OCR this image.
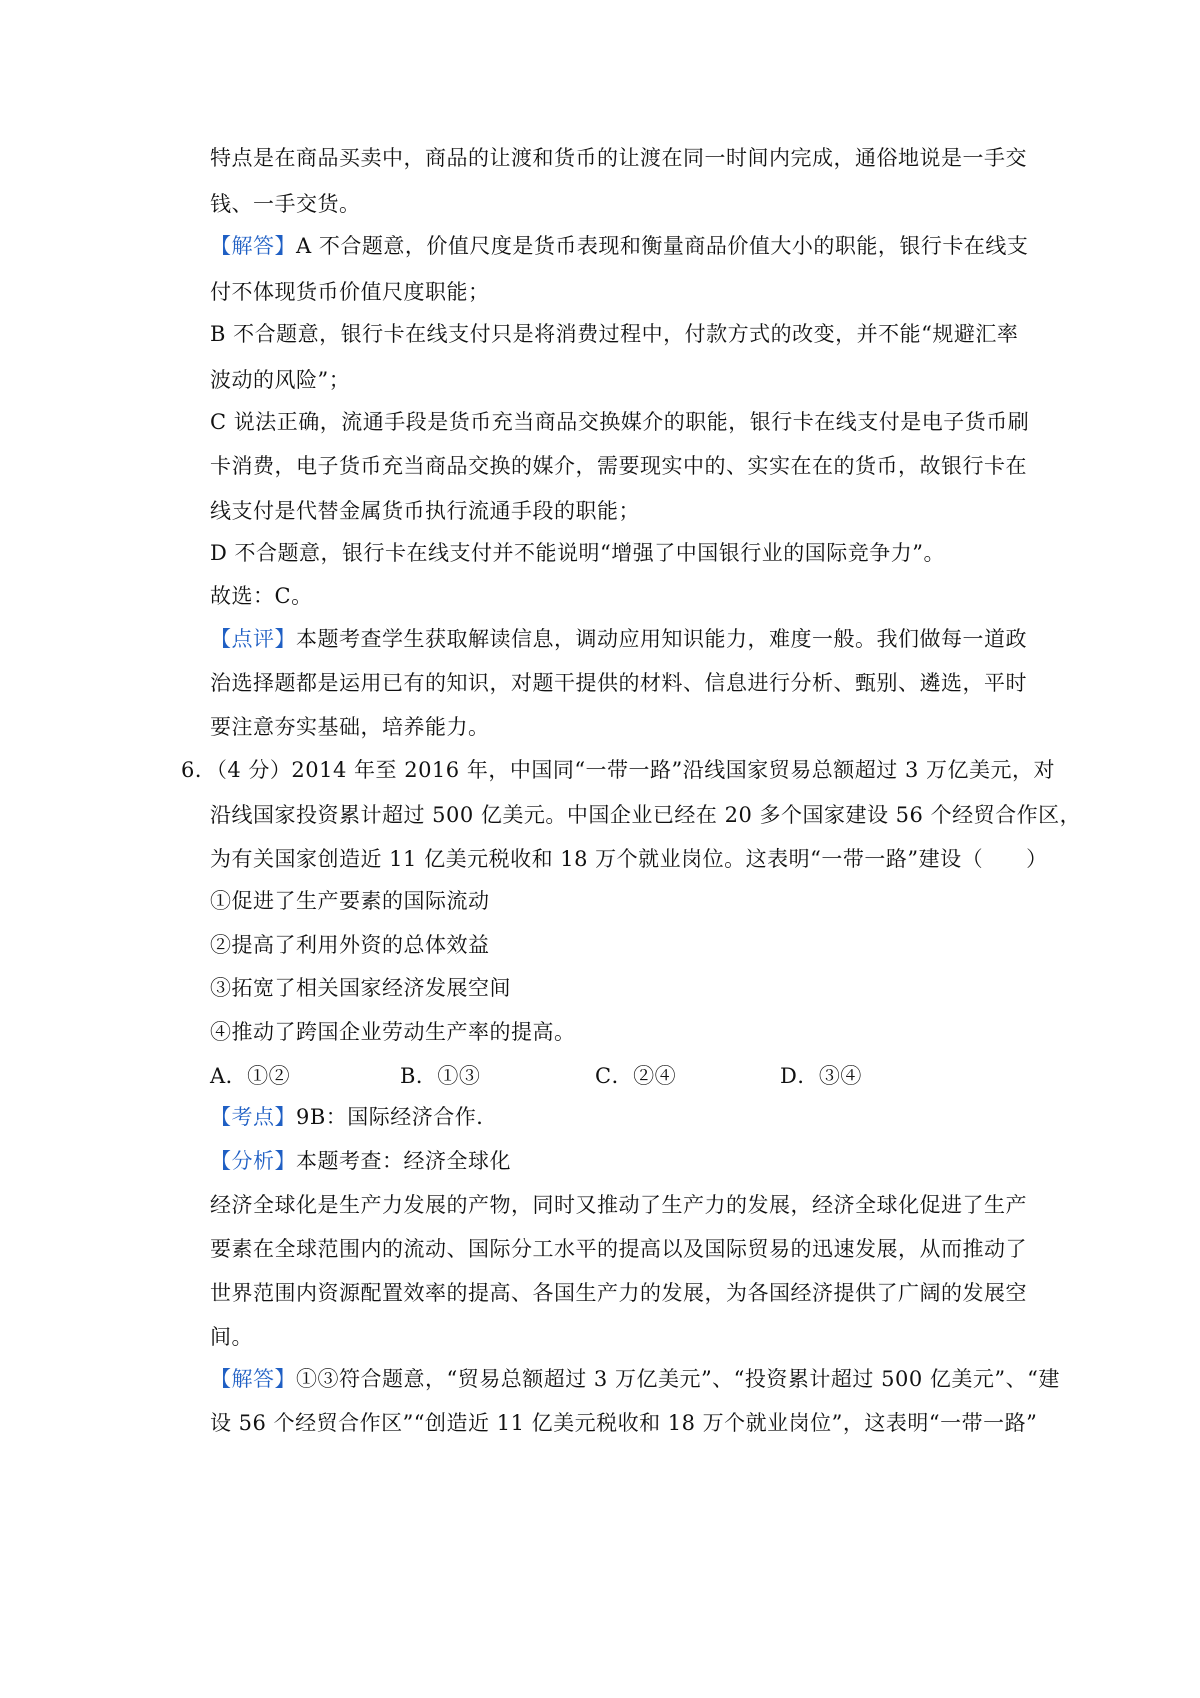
特点是在商品买卖中，商品的让渡和货币的让渡在同一时间内完成，通俗地说是一手交
钱、一手交货。
【解答】A 不合题意，价值尺度是货币表现和衡量商品价值大小的职能，银行卡在线支
付不体现货币价值尺度职能；
B 不合题意，银行卡在线支付只是将消费过程中，付款方式的改变，并不能“规避汇率
波动的风险”；
C 说法正确，流通手段是货币充当商品交换媒介的职能，银行卡在线支付是电子货币刷
卡消费，电子货币充当商品交换的媒介，需要现实中的、实实在在的货币，故银行卡在
线支付是代替金属货币执行流通手段的职能；
D 不合题意，银行卡在线支付并不能说明“增强了中国银行业的国际竞争力”。
故选：C。
【点评】本题考查学生获取解读信息，调动应用知识能力，难度一般。我们做每一道政
治选择题都是运用已有的知识，对题干提供的材料、信息进行分析、甄别、遴选，平时
要注意夯实基础，培养能力。
6．（4 分）2014 年至 2016 年，中国同“一带一路”沿线国家贸易总额超过 3 万亿美元，对
沿线国家投资累计超过 500 亿美元。中国企业已经在 20 多个国家建设 56 个经贸合作区，
为有关国家创造近 11 亿美元税收和 18 万个就业岗位。这表明“一带一路”建设（　　）
①促进了生产要素的国际流动
②提高了利用外资的总体效益
③拓宽了相关国家经济发展空间
④推动了跨国企业劳动生产率的提高。
A．①②	B．①③	C．②④	D．③④
【考点】9B：国际经济合作．
【分析】本题考查：经济全球化
经济全球化是生产力发展的产物，同时又推动了生产力的发展，经济全球化促进了生产
要素在全球范围内的流动、国际分工水平的提高以及国际贸易的迅速发展，从而推动了
世界范围内资源配置效率的提高、各国生产力的发展，为各国经济提供了广阔的发展空
间。
【解答】①③符合题意，“贸易总额超过 3 万亿美元”、“投资累计超过 500 亿美元”、“建
设 56 个经贸合作区”“创造近 11 亿美元税收和 18 万个就业岗位”，这表明“一带一路”
